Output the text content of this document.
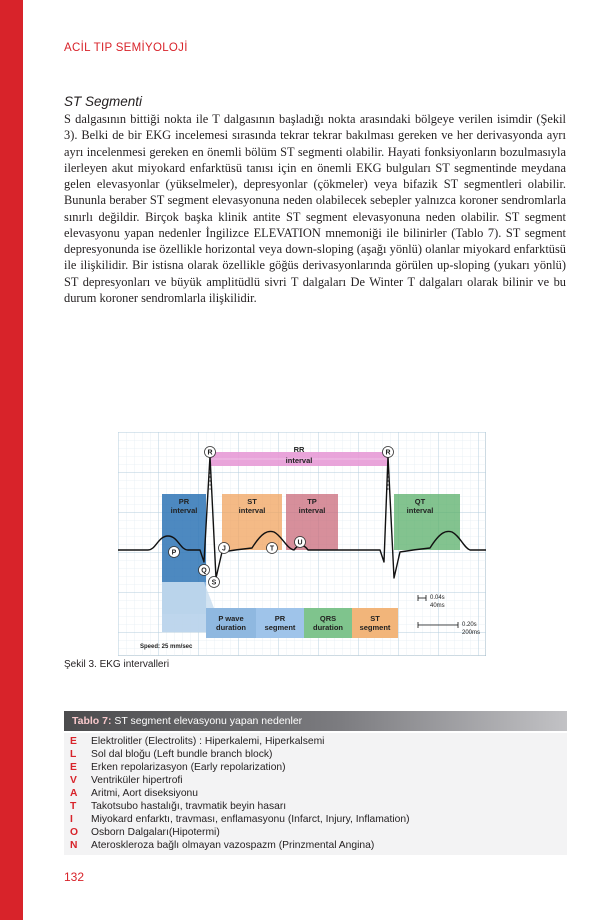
ACİL TIP SEMİYOLOJİ
ST Segmenti

S dalgasının bittiği nokta ile T dalgasının başladığı nokta arasındaki bölgeye verilen isimdir (Şekil 3). Belki de bir EKG incelemesi sırasında tekrar tekrar bakılması gereken ve her derivasyonda ayrı ayrı incelenmesi gereken en önemli bölüm ST segmenti olabilir. Hayati fonksiyonların bozulmasıyla ilerleyen akut miyokard enfarktüsü tanısı için en önemli EKG bulguları ST segmentinde meydana gelen elevasyonlar (yükselmeler), depresyonlar (çökmeler) veya bifazik ST segmentleri olabilir. Bununla beraber ST segment elevasyonuna neden olabilecek sebepler yalnızca koroner sendromlarla sınırlı değildir. Birçok başka klinik antite ST segment elevasyonuna neden olabilir. ST segment elevasyonu yapan nedenler İngilizce ELEVATION mnemoniği ile bilinirler (Tablo 7). ST segment depresyonunda ise özellikle horizontal veya down-sloping (aşağı yönlü) olanlar miyokard enfarktüsü ile ilişkilidir. Bir istisna olarak özellikle göğüs derivasyonlarında görülen up-sloping (yukarı yönlü) ST depresyonları ve büyük amplitüdlü sivri T dalgaları De Winter T dalgaları olarak bilinir ve bu durum koroner sendromlarla ilişkilidir.

RR
interval
PR
interval
ST
interval
TP
interval
QT
interval
P wave
duration
PR
segment
QRS
duration
ST
segment
R	R
P
Q
S
J	T
U
0.04s
40ms
0.20s
200ms
Speed: 25 mm/sec
Şekil 3. EKG intervalleri
Tablo 7: ST segment elevasyonu yapan nedenler
E	Elektrolitler (Electrolits) : Hiperkalemi, Hiperkalsemi
L	Sol dal bloğu (Left bundle branch block)
E	Erken repolarizasyon (Early repolarization)
V	Ventriküler hipertrofi
A	Aritmi, Aort diseksiyonu
T	Takotsubo hastalığı, travmatik beyin hasarı
I	Miyokard enfarktı, travması, enflamasyonu (Infarct, Injury, Inflamation)
O	Osborn Dalgaları(Hipotermi)
N	Ateroskleroza bağlı olmayan vazospazm (Prinzmental Angina)
132
